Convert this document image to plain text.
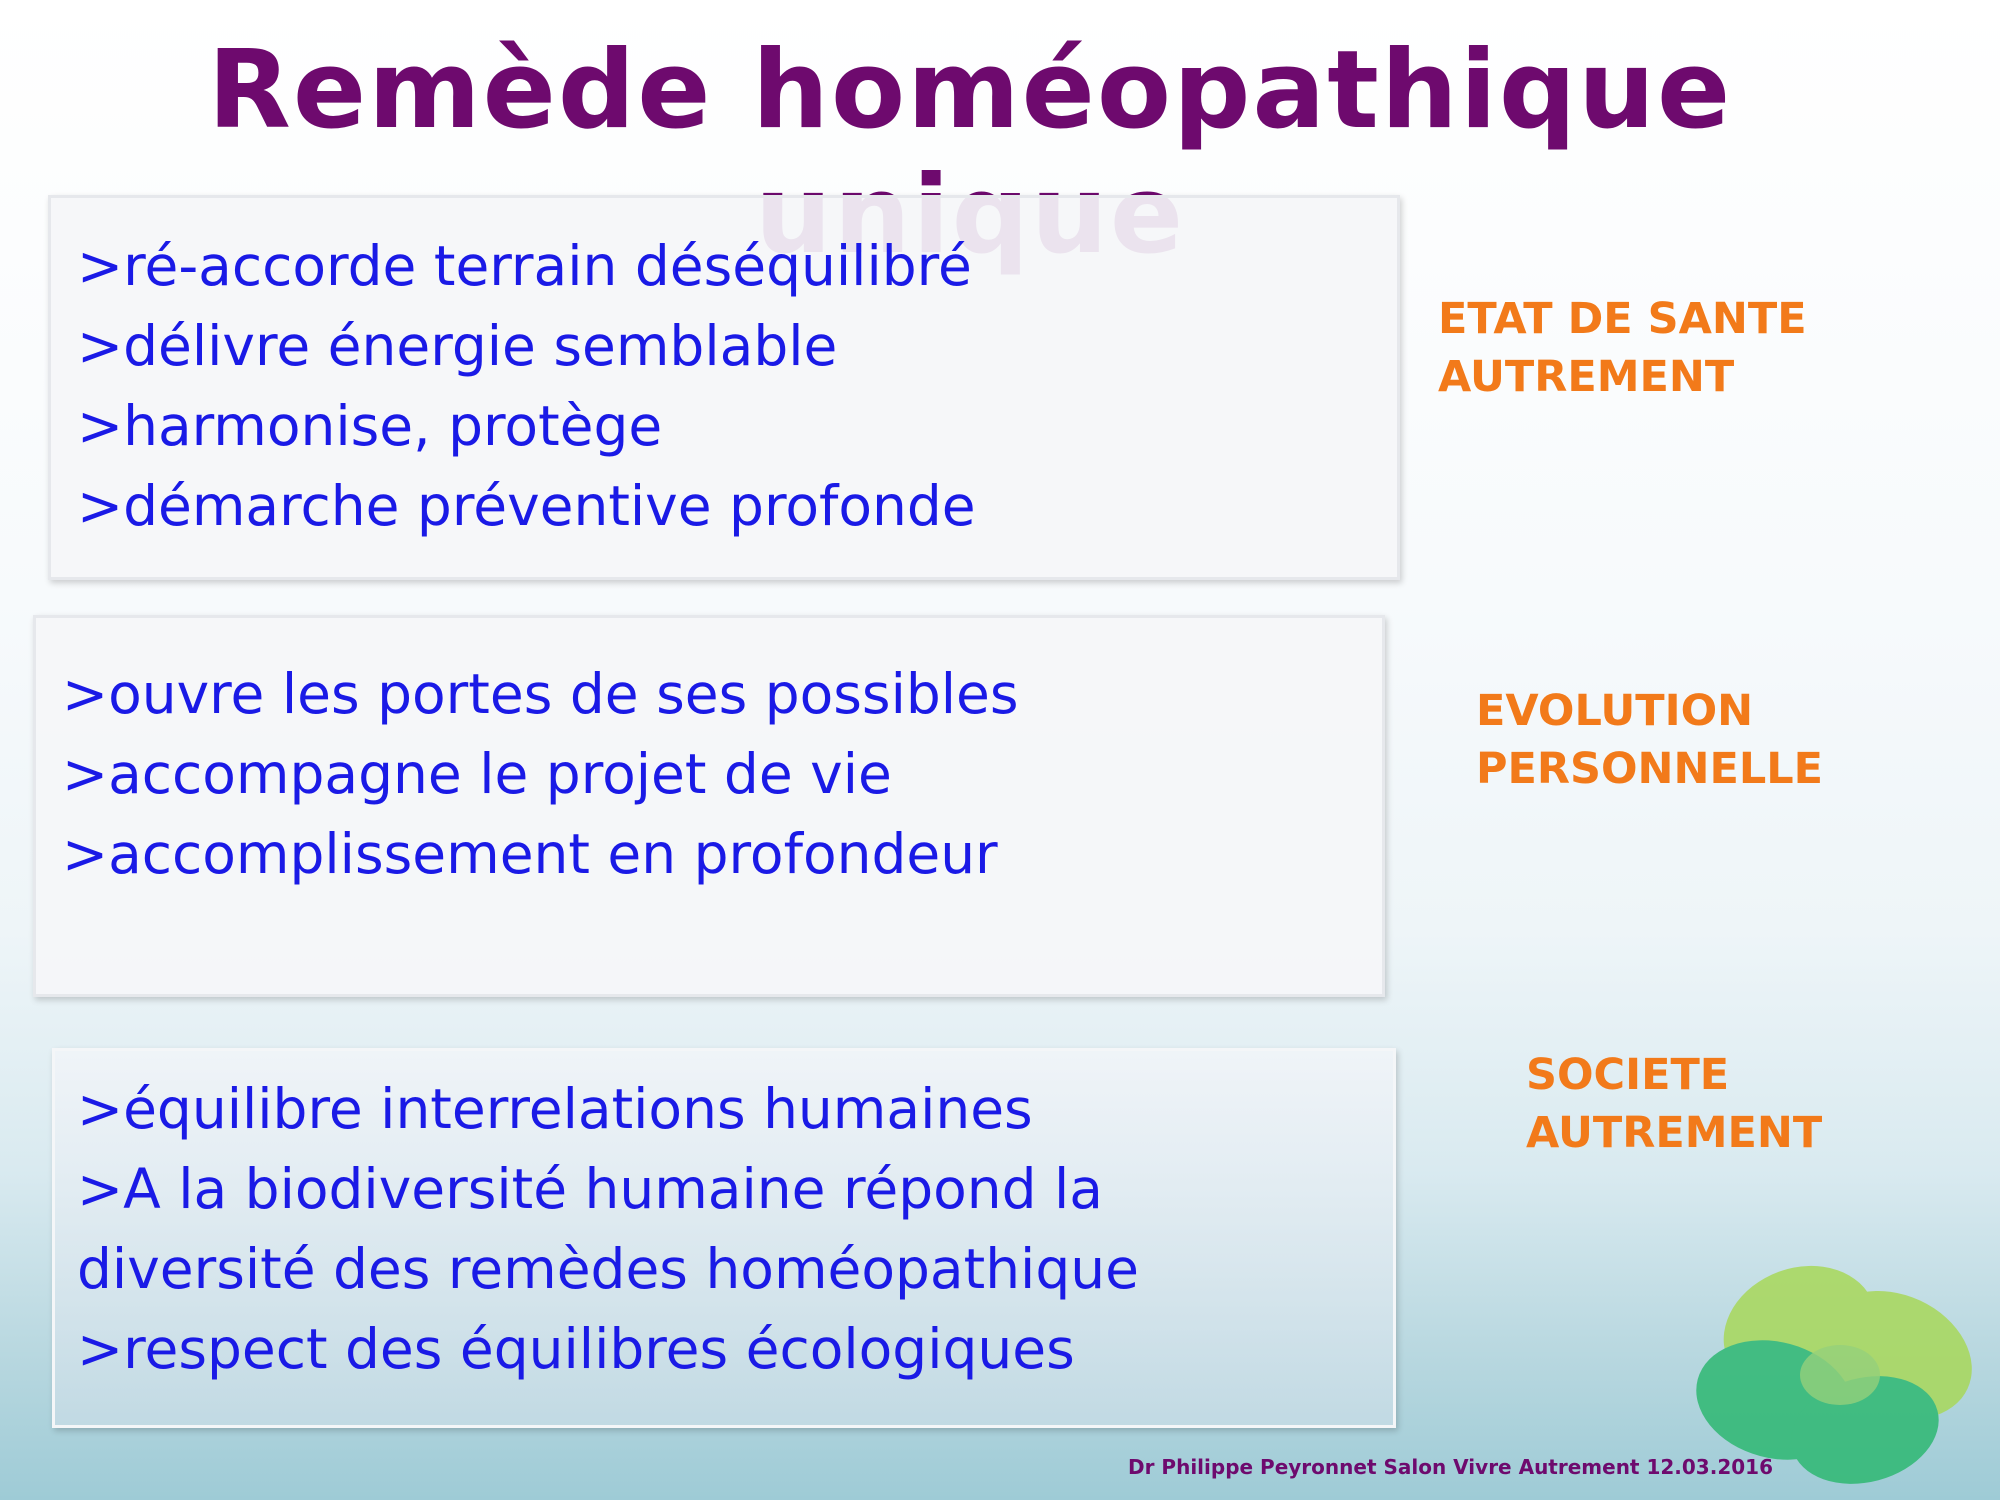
Remède homéopathique

>ré-accorde terrain déséquilibré

>délivre énergie semblable

>harmonise, protège

>démarche préventive profonde

ETAT DE SANTE

AUTREMENT

>ouvre les portes de ses possibles

>accompagne le projet de vie

>accomplissement en profondeur

EVOLUTION

PERSONNELLE

>équilibre interrelations humaines

>A la biodiversité humaine répond la

diversité des remèdes homéopathique

>respect des équilibres écologiques

SOCIETE

AUTREMENT

Dr Philippe Peyronnet Salon Vivre Autrement 12.03.2016
